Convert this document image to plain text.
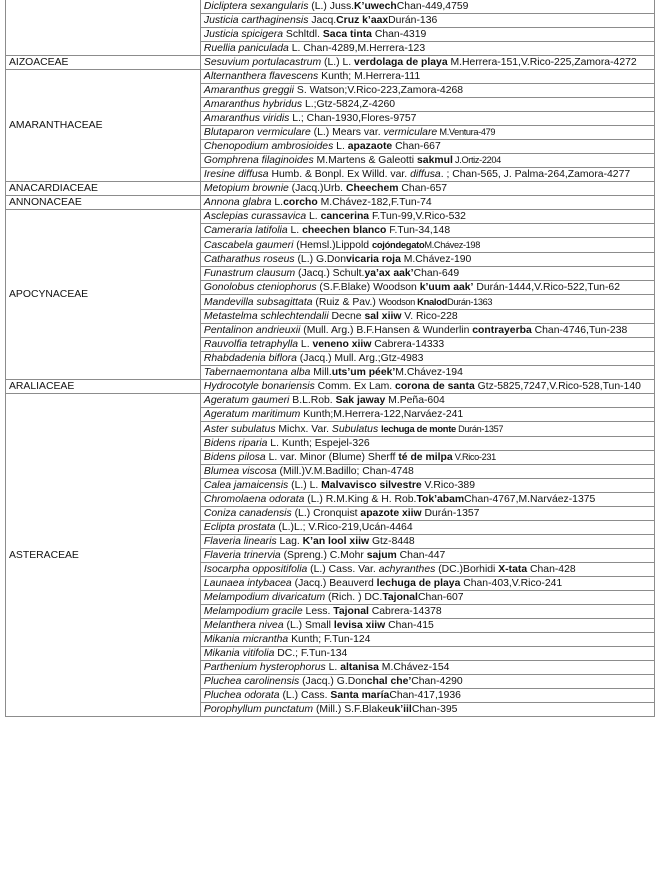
	Dicliptera sexangularis (L.) Juss.K’uwechChan-449,4759
	Justicia carthaginensis Jacq.Cruz k’aaxDurán-136
	Justicia spicigera Schltdl. Saca tinta Chan-4319
	Ruellia paniculada L. Chan-4289,M.Herrera-123
AIZOACEAE	Sesuvium portulacastrum (L.) L. verdolaga de playa M.Herrera-151,V.Rico-225,Zamora-4272
AMARANTHACEAE	Alternanthera flavescens Kunth; M.Herrera-111
	Amaranthus greggii S. Watson;V.Rico-223,Zamora-4268
	Amaranthus hybridus L.;Gtz-5824,Z-4260
	Amaranthus viridis L.; Chan-1930,Flores-9757
	Blutaparon vermiculare (L.) Mears var. vermiculare M.Ventura-479
	Chenopodium ambrosioides L. apazaote Chan-667
	Gomphrena filaginoides M.Martens & Galeotti sakmul J.Ortiz-2204
	Iresine diffusa Humb. & Bonpl. Ex Willd. var. diffusa. ; Chan-565, J. Palma-264,Zamora-4277
ANACARDIACEAE	Metopium brownie (Jacq.)Urb. Cheechem Chan-657
ANNONACEAE	Annona glabra L.corcho M.Chávez-182,F.Tun-74
APOCYNACEAE	Asclepias curassavica L. cancerina F.Tun-99,V.Rico-532
	Cameraria latifolia L. cheechen blanco F.Tun-34,148
	Cascabela gaumeri (Hemsl.)Lippold cojóndegatoM.Chávez-198
	Catharathus roseus (L.) G.Donvicaria roja M.Chávez-190
	Funastrum clausum (Jacq.) Schult.ya’ax aak’Chan-649
	Gonolobus cteniophorus (S.F.Blake) Woodson k’uum aak’ Durán-1444,V.Rico-522,Tun-62
	Mandevilla subsagittata (Ruiz & Pav.) Woodson KnalodDurán-1363
	Metastelma schlechtendalii Decne sal xiiw V. Rico-228
	Pentalinon andrieuxii (Mull. Arg.) B.F.Hansen & Wunderlin contrayerba Chan-4746,Tun-238
	Rauvolfia tetraphylla L. veneno xiiw Cabrera-14333
	Rhabdadenia biflora (Jacq.) Mull. Arg.;Gtz-4983
	Tabernaemontana alba Mill.uts’um péek’M.Chávez-194
ARALIACEAE	Hydrocotyle bonariensis Comm. Ex Lam. corona de santa Gtz-5825,7247,V.Rico-528,Tun-140
ASTERACEAE	Ageratum gaumeri B.L.Rob. Sak jaway M.Peña-604
	Ageratum maritimum Kunth;M.Herrera-122,Narváez-241
	Aster subulatus Michx. Var. Subulatus lechuga de monte Durán-1357
	Bidens riparia L. Kunth; Espejel-326
	Bidens pilosa L. var. Minor (Blume) Sherff té de milpa V.Rico-231
	Blumea viscosa (Mill.)V.M.Badillo; Chan-4748
	Calea jamaicensis (L.) L. Malvavisco silvestre V.Rico-389
	Chromolaena odorata (L.) R.M.King & H. Rob.Tok’abamChan-4767,M.Narváez-1375
	Coniza canadensis (L.) Cronquist apazote xiiw Durán-1357
	Eclipta prostata (L.)L.; V.Rico-219,Ucán-4464
	Flaveria linearis Lag. K’an lool xiiw Gtz-8448
	Flaveria trinervia (Spreng.) C.Mohr sajum Chan-447
	Isocarpha oppositifolia (L.) Cass. Var. achyranthes (DC.)Borhidi X-tata Chan-428
	Launaea intybacea (Jacq.) Beauverd lechuga de playa Chan-403,V.Rico-241
	Melampodium divaricatum (Rich. ) DC.TajonalChan-607
	Melampodium gracile Less. Tajonal Cabrera-14378
	Melanthera nivea (L.) Small levisa xiiw Chan-415
	Mikania micrantha Kunth; F.Tun-124
	Mikania vitifolia DC.; F.Tun-134
	Parthenium hysterophorus L. altanisa M.Chávez-154
	Pluchea carolinensis (Jacq.) G.Donchal che’Chan-4290
	Pluchea odorata (L.) Cass. Santa maríaChan-417,1936
	Porophyllum punctatum (Mill.) S.F.Blakeuk’iilChan-395
